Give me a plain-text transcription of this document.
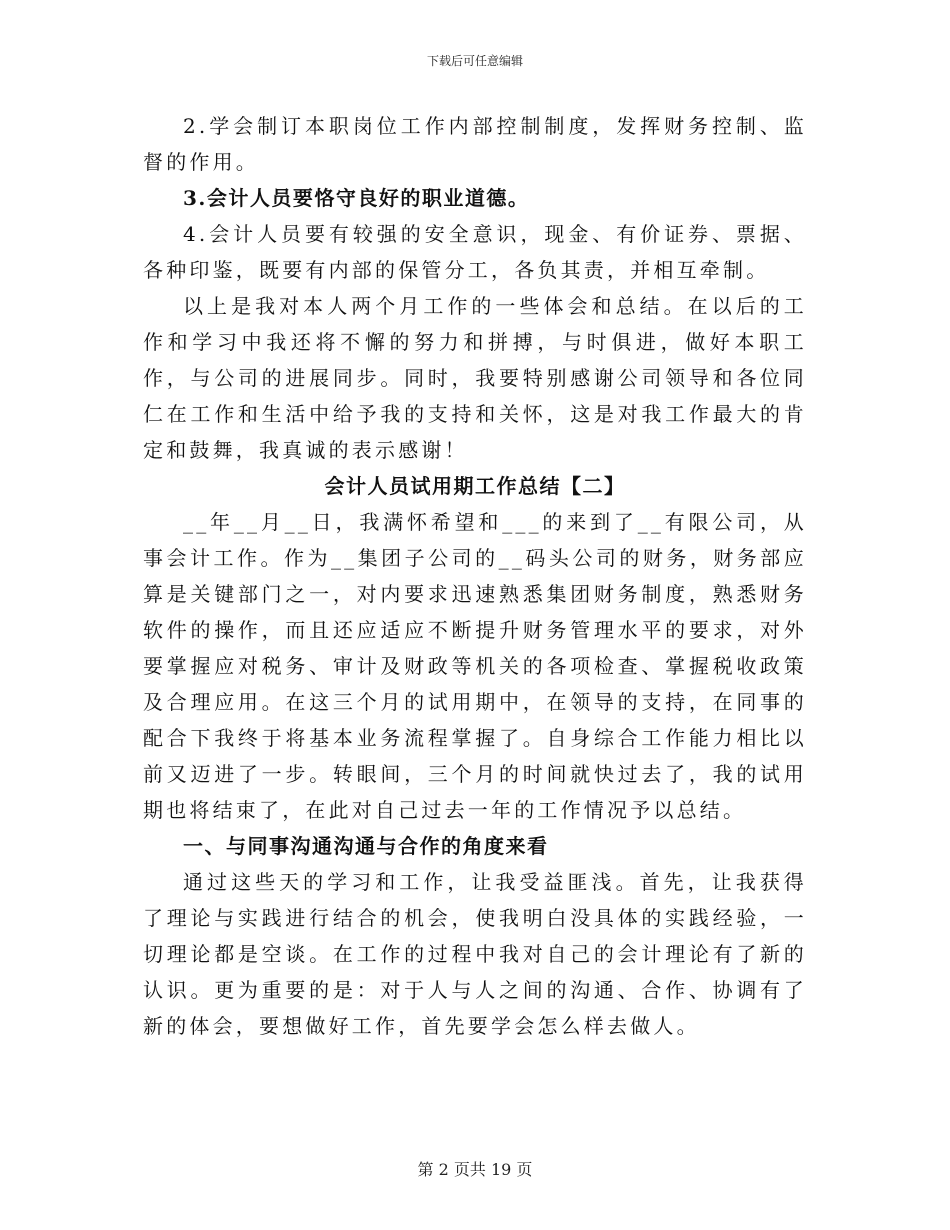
下载后可任意编辑

2.学会制订本职岗位工作内部控制制度，发挥财务控制、监督的作用。

3.会计人员要恪守良好的职业道德。

4.会计人员要有较强的安全意识，现金、有价证券、票据、各种印鉴，既要有内部的保管分工，各负其责，并相互牵制。

以上是我对本人两个月工作的一些体会和总结。在以后的工作和学习中我还将不懈的努力和拼搏，与时俱进，做好本职工作，与公司的进展同步。同时，我要特别感谢公司领导和各位同仁在工作和生活中给予我的支持和关怀，这是对我工作最大的肯定和鼓舞，我真诚的表示感谢！

会计人员试用期工作总结【二】

__年__月__日，我满怀希望和___的来到了__有限公司，从事会计工作。作为__集团子公司的__码头公司的财务，财务部应算是关键部门之一，对内要求迅速熟悉集团财务制度，熟悉财务软件的操作，而且还应适应不断提升财务管理水平的要求，对外要掌握应对税务、审计及财政等机关的各项检查、掌握税收政策及合理应用。在这三个月的试用期中，在领导的支持，在同事的配合下我终于将基本业务流程掌握了。自身综合工作能力相比以前又迈进了一步。转眼间，三个月的时间就快过去了，我的试用期也将结束了，在此对自己过去一年的工作情况予以总结。

一、与同事沟通沟通与合作的角度来看

通过这些天的学习和工作，让我受益匪浅。首先，让我获得了理论与实践进行结合的机会，使我明白没具体的实践经验，一切理论都是空谈。在工作的过程中我对自己的会计理论有了新的认识。更为重要的是：对于人与人之间的沟通、合作、协调有了新的体会，要想做好工作，首先要学会怎么样去做人。

第 2 页共 19 页
